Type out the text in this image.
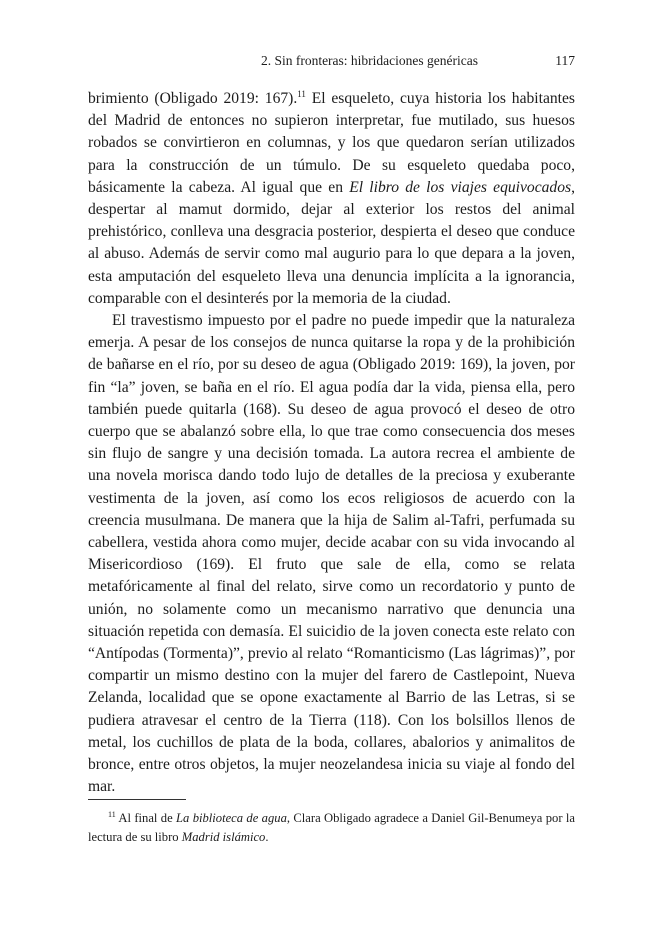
2. Sin fronteras: hibridaciones genéricas	117

brimiento (Obligado 2019: 167).$^{11}$ El esqueleto, cuya historia los habitantes del Madrid de entonces no supieron interpretar, fue mutilado, sus huesos robados se convirtieron en columnas, y los que quedaron serían utilizados para la construcción de un túmulo. De su esqueleto quedaba poco, básicamente la cabeza. Al igual que en El libro de los viajes equivocados, despertar al mamut dormido, dejar al exterior los restos del animal prehistórico, conlleva una desgracia posterior, despierta el deseo que conduce al abuso. Además de servir como mal augurio para lo que depara a la joven, esta amputación del esqueleto lleva una denuncia implícita a la ignorancia, comparable con el desinterés por la memoria de la ciudad.

El travestismo impuesto por el padre no puede impedir que la naturaleza emerja. A pesar de los consejos de nunca quitarse la ropa y de la prohibición de bañarse en el río, por su deseo de agua (Obligado 2019: 169), la joven, por fin “la” joven, se baña en el río. El agua podía dar la vida, piensa ella, pero también puede quitarla (168). Su deseo de agua provocó el deseo de otro cuerpo que se abalanzó sobre ella, lo que trae como consecuencia dos meses sin flujo de sangre y una decisión tomada. La autora recrea el ambiente de una novela morisca dando todo lujo de detalles de la preciosa y exuberante vestimenta de la joven, así como los ecos religiosos de acuerdo con la creencia musulmana. De manera que la hija de Salim al-Tafri, perfumada su cabellera, vestida ahora como mujer, decide acabar con su vida invocando al Misericordioso (169). El fruto que sale de ella, como se relata metafóricamente al final del relato, sirve como un recordatorio y punto de unión, no solamente como un mecanismo narrativo que denuncia una situación repetida con demasía. El suicidio de la joven conecta este relato con “Antípodas (Tormenta)”, previo al relato “Romanticismo (Las lágrimas)”, por compartir un mismo destino con la mujer del farero de Castlepoint, Nueva Zelanda, localidad que se opone exactamente al Barrio de las Letras, si se pudiera atravesar el centro de la Tierra (118). Con los bolsillos llenos de metal, los cuchillos de plata de la boda, collares, abalorios y animalitos de bronce, entre otros objetos, la mujer neozelandesa inicia su viaje al fondo del mar.

$^{11}$ Al final de La biblioteca de agua, Clara Obligado agradece a Daniel Gil-Benumeya por la lectura de su libro Madrid islámico.
